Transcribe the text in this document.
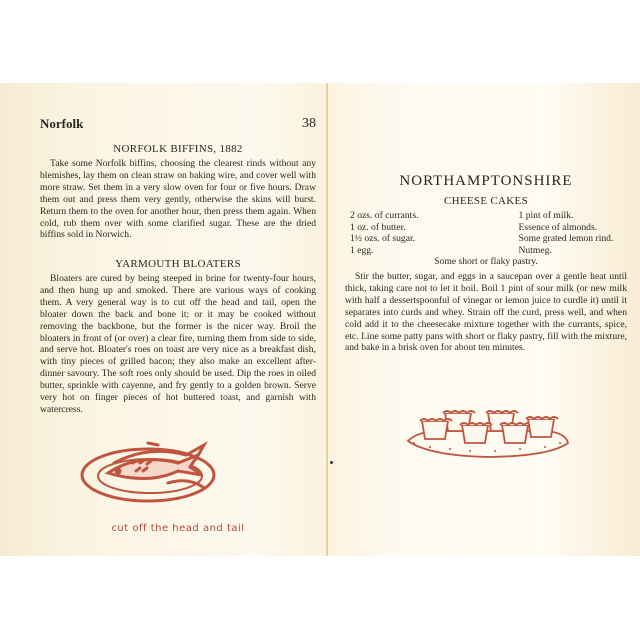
Norfolk	38
NORFOLK BIFFINS, 1882

Take some Norfolk biffins, choosing the clearest rinds without any blemishes, lay them on clean straw on baking wire, and cover well with more straw. Set them in a very slow oven for four or five hours. Draw them out and press them very gently, otherwise the skins will burst. Return them to the oven for another hour, then press them again. When cold, rub them over with some clarified sugar. These are the dried biffins sold in Norwich.

YARMOUTH BLOATERS

Bloaters are cured by being steeped in brine for twenty-four hours, and then hung up and smoked. There are various ways of cooking them. A very general way is to cut off the head and tail, open the bloater down the back and bone it; or it may be cooked without removing the backbone, but the former is the nicer way. Broil the bloaters in front of (or over) a clear fire, turning them from side to side, and serve hot. Bloater's roes on toast are very nice as a breakfast dish, with tiny pieces of grilled bacon; they also make an excellent after-dinner savoury. The soft roes only should be used. Dip the roes in oiled butter, sprinkle with cayenne, and fry gently to a golden brown. Serve very hot on finger pieces of hot buttered toast, and garnish with watercress.

cut off the head and tail
NORTHAMPTONSHIRE
CHEESE CAKES
2 ozs. of currants.
1 oz. of butter.
1½ ozs. of sugar.
1 egg.
1 pint of milk.
Essence of almonds.
Some grated lemon rind.
Nutmeg.
Some short or flaky pastry.

Stir the butter, sugar, and eggs in a saucepan over a gentle heat until thick, taking care not to let it boil. Boil 1 pint of sour milk (or new milk with half a dessertspoonful of vinegar or lemon juice to curdle it) until it separates into curds and whey. Strain off the curd, press well, and when cold add it to the cheesecake mixture together with the currants, spice, etc. Line some patty pans with short or flaky pastry, fill with the mixture, and bake in a brisk oven for about ten minutes.
